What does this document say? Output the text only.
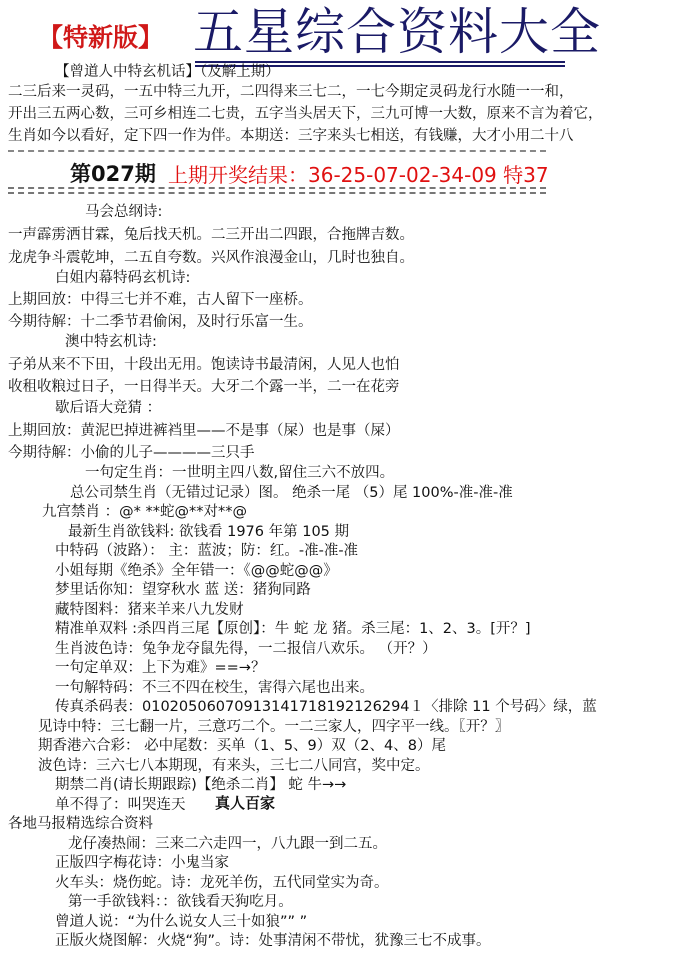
【特新版】 五星综合资料大全
【曾道人中特玄机话】（及解上期）
二三后来一灵码，一五中特三九开，二四得来三七二，一七今期定灵码龙行水随一一和，
开出三五两心数，三可乡相连二七贵，五字当头居天下，三九可博一大数，原来不言为着它，
生肖如今以看好，定下四一作为伴。本期送：三字来头七相送，有钱赚，大才小用二十八
第027期 上期开奖结果：36-25-07-02-34-09 特37
马会总纲诗:
一声霹雳洒甘霖，兔后找天机。二三开出二四跟，合拖牌吉数。
龙虎争斗震乾坤，二五自夸数。兴风作浪漫金山，几时也独自。
白姐内幕特码玄机诗:
上期回放：中得三七并不难，古人留下一座桥。
今期待解：十二季节君偷闲，及时行乐富一生。
澳中特玄机诗:
子弟从来不下田，十段出无用。饱读诗书最清闲，人见人也怕
收租收粮过日子，一日得半天。大牙二个露一半，二一在花旁
歇后语大竞猜 ：
上期回放：黄泥巴掉进裤裆里——不是事（屎）也是事（屎）
今期待解：小偷的儿子————三只手
一句定生肖：一世明主四八数,留住三六不放四。
总公司禁生肖（无错过记录）图。 绝杀一尾 （5）尾 100%-准-准-准
九宫禁肖 ：@* **蛇@**对**@
最新生肖欲钱料: 欲钱看 1976 年第 105 期
中特码（波路）： 主：蓝波；防：红。-准-准-准
小姐每期《绝杀》全年错一：《@@蛇@@》
梦里话你知：望穿秋水 蓝 送：猪狗同路
藏特图料：猪来羊来八九发财
精准单双料 :杀四肖三尾【原创】：牛 蛇 龙 猪。杀三尾：1、2、3。[开？]
生肖波色诗：兔争龙夺鼠先得，一二报信八欢乐。 （开？）
一句定单双：上下为难》==→？
一句解特码：不三不四在校生，害得六尾也出来。
传真杀码表：01020506070913141718192126294１〈排除 11 个号码〉绿，蓝
见诗中特：三七翻一片，三意巧二个。一二三家人，四字平一线。〖开？〗
期香港六合彩： 必中尾数：买单（1、5、9）双（2、4、8）尾
波色诗：三六七八本期现，有来头，三七二八同宫，奖中定。
期禁二肖(请长期跟踪)【绝杀二肖】 蛇 牛→→
单不得了：叫哭连天
各地马报精选综合资料
龙仔凑热闹：三来二六走四一，八九跟一到二五。
正版四字梅花诗：小鬼当家
火车头：烧伤蛇。诗：龙死羊伤，五代同堂实为奇。
第一手欲钱料：：欲钱看天狗吃月。
曾道人说：“为什么说女人三十如狼”” ”
正版火烧图解：火烧“狗”。诗：处事清闲不带忧，犹豫三七不成事。
真人百家
